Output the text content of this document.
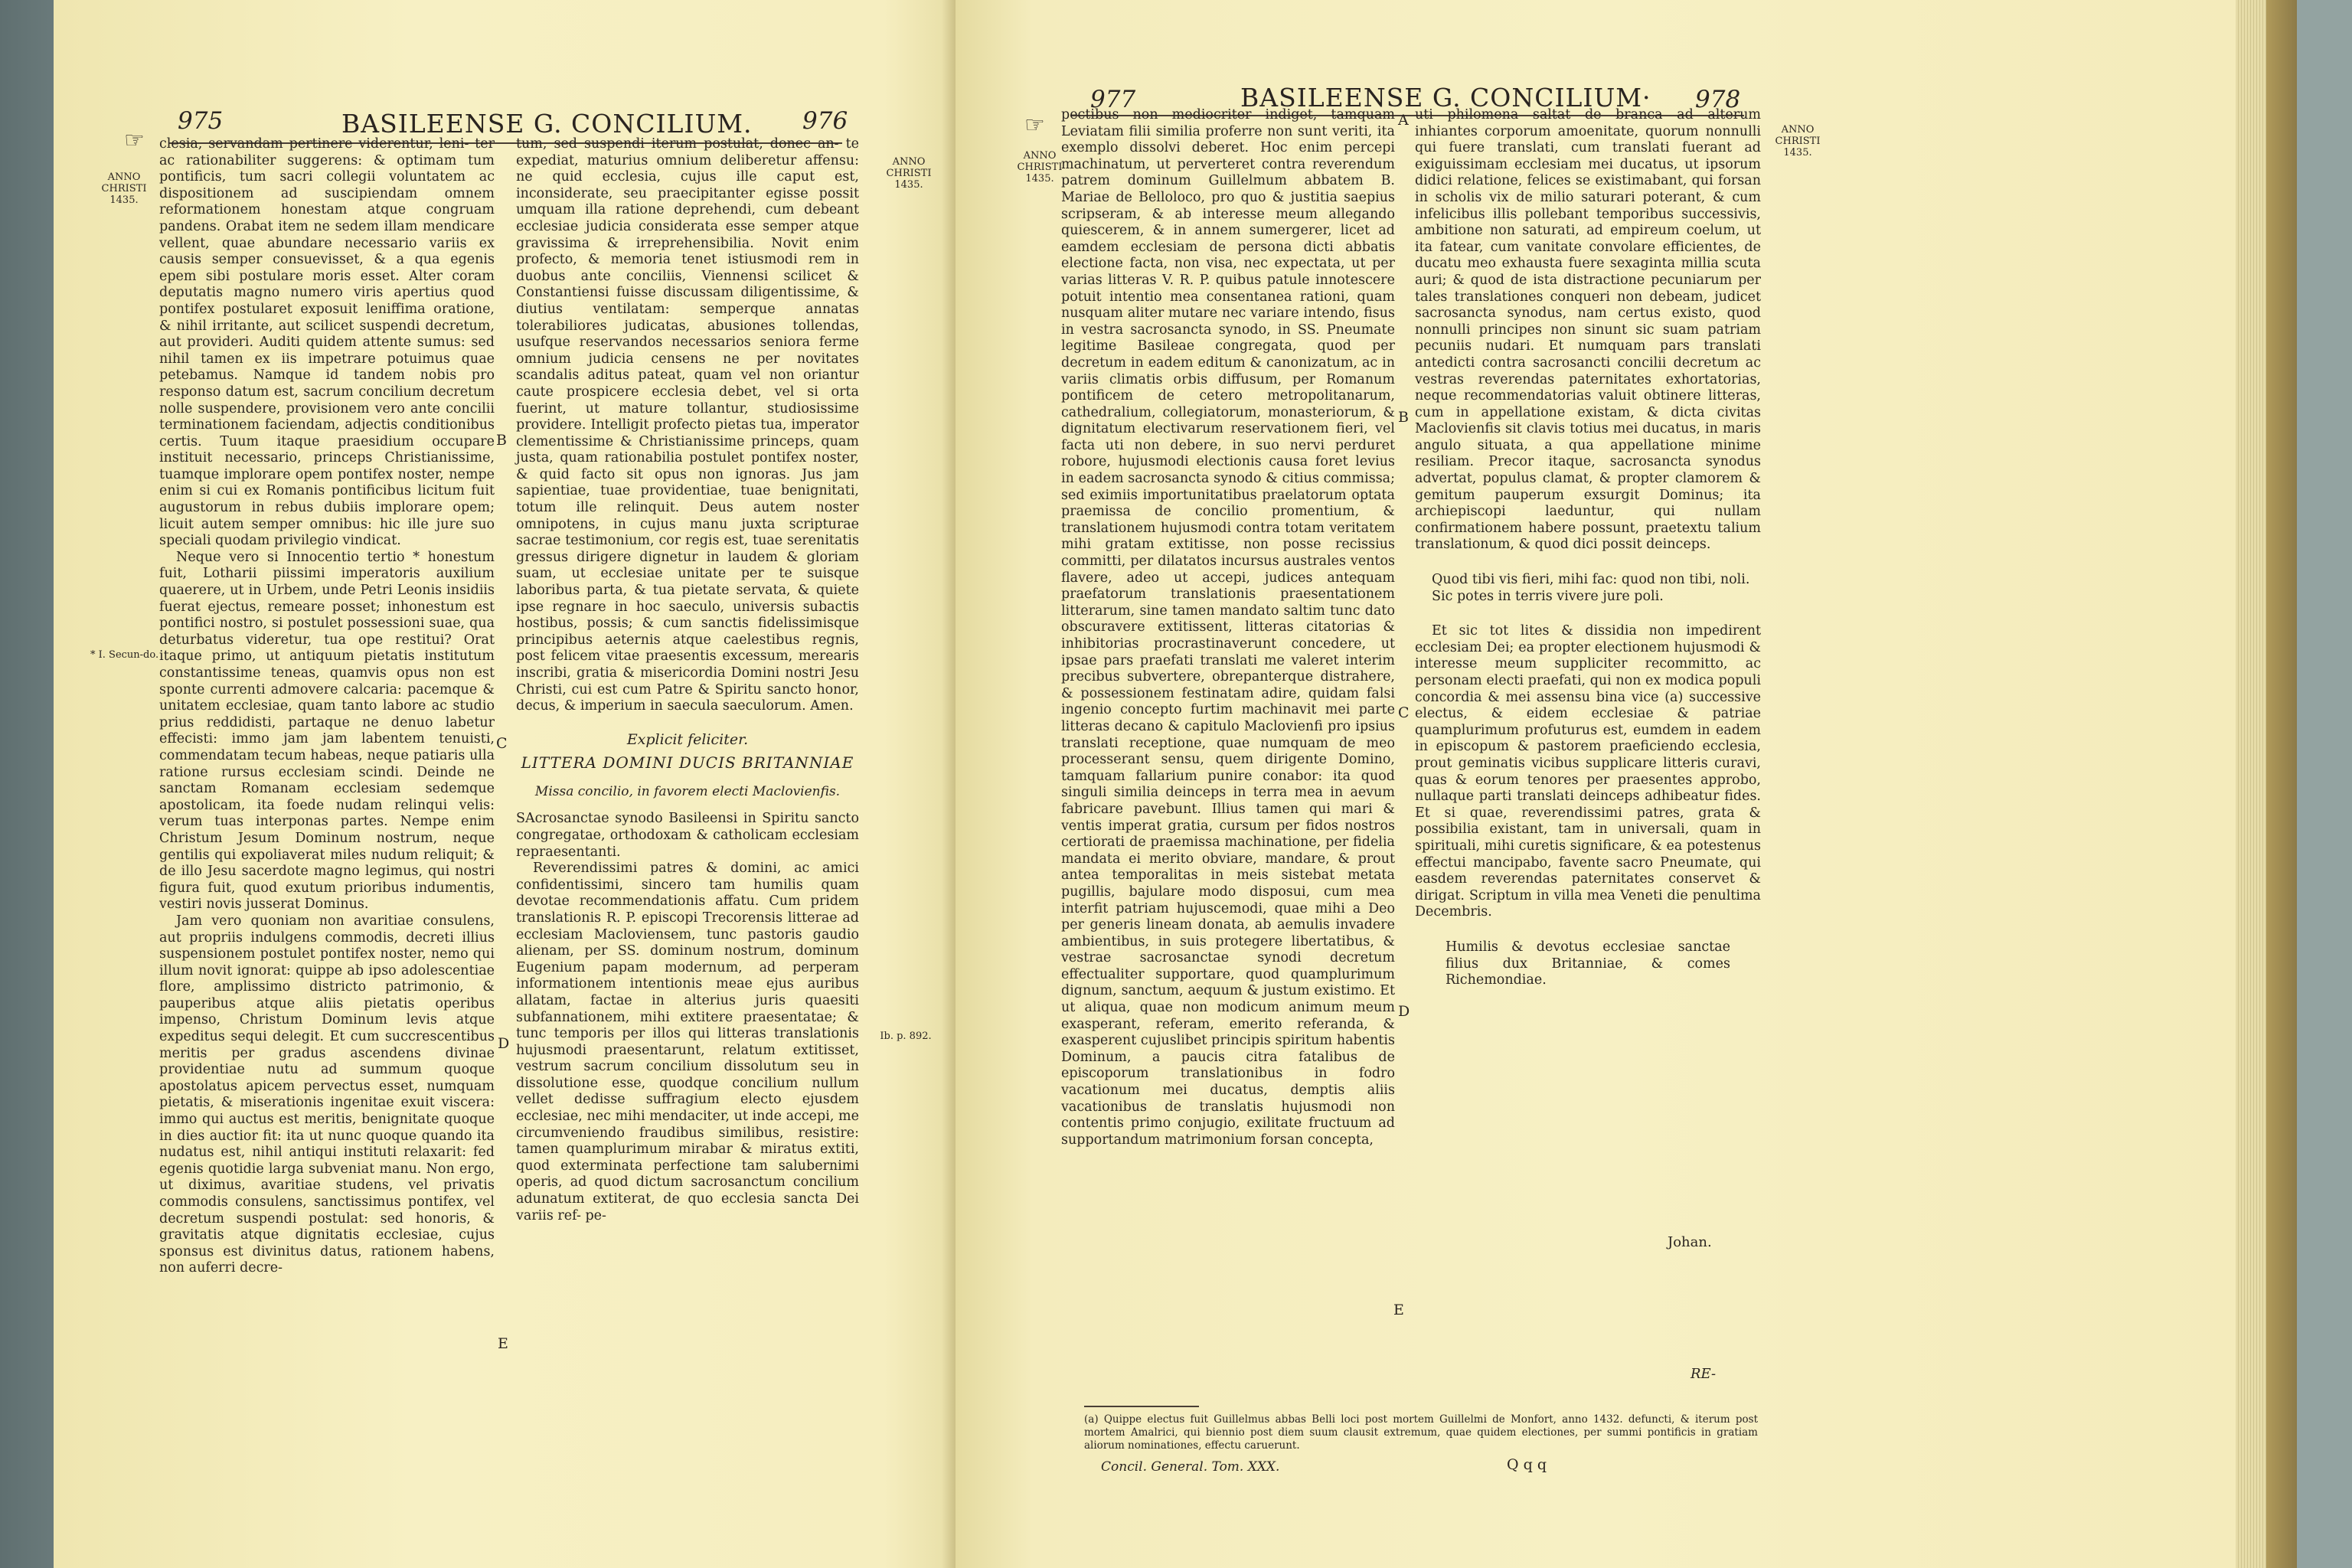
☞
975	BASILEENSE G. CONCILIUM. 976
ANNO CHRISTI 1435.
ANNO CHRISTI 1435.
* I. Secun-do.
Ib. p. 892.
B
C
D
E

clesia, servandam pertinere viderentur, leni- ter ac rationabiliter suggerens: & optimam tum pontificis, tum sacri collegii voluntatem ac dispositionem ad suscipiendam omnem reformationem honestam atque congruam pandens. Orabat item ne sedem illam mendicare vellent, quae abundare necessario variis ex causis semper consuevisset, & a qua egenis epem sibi postulare moris esset. Alter coram deputatis magno numero viris apertius quod pontifex postularet exposuit leniffima oratione, & nihil irritante, aut scilicet suspendi decretum, aut provideri. Auditi quidem attente sumus: sed nihil tamen ex iis impetrare potuimus quae petebamus. Namque id tandem nobis pro responso datum est, sacrum concilium decretum nolle suspendere, provisionem vero ante concilii terminationem faciendam, adjectis conditionibus certis. Tuum itaque praesidium occupare instituit necessario, princeps Christianissime, tuamque implorare opem pontifex noster, nempe enim si cui ex Romanis pontificibus licitum fuit augustorum in rebus dubiis implorare opem; licuit autem semper omnibus: hic ille jure suo speciali quodam privilegio vindicat.

Neque vero si Innocentio tertio * honestum fuit, Lotharii piissimi imperatoris auxilium quaerere, ut in Urbem, unde Petri Leonis insidiis fuerat ejectus, remeare posset; inhonestum est pontifici nostro, si postulet possessioni suae, qua deturbatus videretur, tua ope restitui? Orat itaque primo, ut antiquum pietatis institutum constantissime teneas, quamvis opus non est sponte currenti admovere calcaria: pacemque & unitatem ecclesiae, quam tanto labore ac studio prius reddidisti, partaque ne denuo labetur effecisti: immo jam jam labentem tenuisti, commendatam tecum habeas, neque patiaris ulla ratione rursus ecclesiam scindi. Deinde ne sanctam Romanam ecclesiam sedemque apostolicam, ita foede nudam relinqui velis: verum tuas interponas partes. Nempe enim Christum Jesum Dominum nostrum, neque gentilis qui expoliaverat miles nudum reliquit; & de illo Jesu sacerdote magno legimus, qui nostri figura fuit, quod exutum prioribus indumentis, vestiri novis jusserat Dominus.

Jam vero quoniam non avaritiae consulens, aut propriis indulgens commodis, decreti illius suspensionem postulet pontifex noster, nemo qui illum novit ignorat: quippe ab ipso adolescentiae flore, amplissimo districto patrimonio, & pauperibus atque aliis pietatis operibus impenso, Christum Dominum levis atque expeditus sequi delegit. Et cum succrescentibus meritis per gradus ascendens divinae providentiae nutu ad summum quoque apostolatus apicem pervectus esset, numquam pietatis, & miserationis ingenitae exuit viscera: immo qui auctus est meritis, benignitate quoque in dies auctior fit: ita ut nunc quoque quando ita nudatus est, nihil antiqui instituti relaxarit: fed egenis quotidie larga subveniat manu. Non ergo, ut diximus, avaritiae studens, vel privatis commodis consulens, sanctissimus pontifex, vel decretum suspendi postulat: sed honoris, & gravitatis atque dignitatis ecclesiae, cujus sponsus est divinitus datus, rationem habens, non auferri decre-

tum, sed suspendi iterum postulat, donec an- te expediat, maturius omnium deliberetur affensu: ne quid ecclesia, cujus ille caput est, inconsiderate, seu praecipitanter egisse possit umquam illa ratione deprehendi, cum debeant ecclesiae judicia considerata esse semper atque gravissima & irreprehensibilia. Novit enim profecto, & memoria tenet istiusmodi rem in duobus ante conciliis, Viennensi scilicet & Constantiensi fuisse discussam diligentissime, & diutius ventilatam: semperque annatas tolerabiliores judicatas, abusiones tollendas, usufque reservandos necessarios seniora ferme omnium judicia censens ne per novitates scandalis aditus pateat, quam vel non oriantur caute prospicere ecclesia debet, vel si orta fuerint, ut mature tollantur, studiosissime providere. Intelligit profecto pietas tua, imperator clementissime & Christianissime princeps, quam justa, quam rationabilia postulet pontifex noster, & quid facto sit opus non ignoras. Jus jam sapientiae, tuae providentiae, tuae benignitati, totum ille relinquit. Deus autem noster omnipotens, in cujus manu juxta scripturae sacrae testimonium, cor regis est, tuae serenitatis gressus dirigere dignetur in laudem & gloriam suam, ut ecclesiae unitate per te suisque laboribus parta, & tua pietate servata, & quiete ipse regnare in hoc saeculo, universis subactis hostibus, possis; & cum sanctis fidelissimisque principibus aeternis atque caelestibus regnis, post felicem vitae praesentis excessum, merearis inscribi, gratia & misericordia Domini nostri Jesu Christi, cui est cum Patre & Spiritu sancto honor, decus, & imperium in saecula saeculorum. Amen.

Explicit feliciter.
LITTERA DOMINI DUCIS BRITANNIAE
Missa concilio, in favorem electi Maclovienfis.

SAcrosanctae synodo Basileensi in Spiritu sancto congregatae, orthodoxam & catholicam ecclesiam repraesentanti.

Reverendissimi patres & domini, ac amici confidentissimi, sincero tam humilis quam devotae recommendationis affatu. Cum pridem translationis R. P. episcopi Trecorensis litterae ad ecclesiam Macloviensem, tunc pastoris gaudio alienam, per SS. dominum nostrum, dominum Eugenium papam modernum, ad perperam informationem intentionis meae ejus auribus allatam, factae in alterius juris quaesiti subfannationem, mihi extitere praesentatae; & tunc temporis per illos qui litteras translationis hujusmodi praesentarunt, relatum extitisset, vestrum sacrum concilium dissolutum seu in dissolutione esse, quodque concilium nullum vellet dedisse suffragium electo ejusdem ecclesiae, nec mihi mendaciter, ut inde accepi, me circumveniendo fraudibus similibus, resistire: tamen quamplurimum mirabar & miratus extiti, quod exterminata perfectione tam salubernimi operis, ad quod dictum sacrosanctum concilium adunatum extiterat, de quo ecclesia sancta Dei variis ref- pe-

☞
977	BASILEENSE G. CONCILIUM· 978
ANNO CHRISTI 1435.
ANNO CHRISTI 1435.
A
B
C
D
E

pectibus non mediocriter indiget, tamquam Leviatam filii similia proferre non sunt veriti, ita exemplo dissolvi deberet. Hoc enim percepi machinatum, ut perverteret contra reverendum patrem dominum Guillelmum abbatem B. Mariae de Belloloco, pro quo & justitia saepius scripseram, & ab interesse meum allegando quiescerem, & in annem sumergerer, licet ad eamdem ecclesiam de persona dicti abbatis electione facta, non visa, nec expectata, ut per varias litteras V. R. P. quibus patule innotescere potuit intentio mea consentanea rationi, quam nusquam aliter mutare nec variare intendo, fisus in vestra sacrosancta synodo, in SS. Pneumate legitime Basileae congregata, quod per decretum in eadem editum & canonizatum, ac in variis climatis orbis diffusum, per Romanum pontificem de cetero metropolitanarum, cathedralium, collegiatorum, monasteriorum, & dignitatum electivarum reservationem fieri, vel facta uti non debere, in suo nervi perduret robore, hujusmodi electionis causa foret levius in eadem sacrosancta synodo & citius commissa; sed eximiis importunitatibus praelatorum optata praemissa de concilio promentium, & translationem hujusmodi contra totam veritatem mihi gratam extitisse, non posse recissius committi, per dilatatos incursus australes ventos flavere, adeo ut accepi, judices antequam praefatorum translationis praesentationem litterarum, sine tamen mandato saltim tunc dato obscuravere extitissent, litteras citatorias & inhibitorias procrastinaverunt concedere, ut ipsae pars praefati translati me valeret interim precibus subvertere, obrepanterque distrahere, & possessionem festinatam adire, quidam falsi ingenio concepto furtim machinavit mei parte litteras decano & capitulo Maclovienfi pro ipsius translati receptione, quae numquam de meo processerant sensu, quem dirigente Domino, tamquam fallarium punire conabor: ita quod singuli similia deinceps in terra mea in aevum fabricare pavebunt. Illius tamen qui mari & ventis imperat gratia, cursum per fidos nostros certiorati de praemissa machinatione, per fidelia mandata ei merito obviare, mandare, & prout antea temporalitas in meis sistebat metata pugillis, bajulare modo disposui, cum mea interfit patriam hujuscemodi, quae mihi a Deo per generis lineam donata, ab aemulis invadere ambientibus, in suis protegere libertatibus, & vestrae sacrosanctae synodi decretum effectualiter supportare, quod quamplurimum dignum, sanctum, aequum & justum existimo. Et ut aliqua, quae non modicum animum meum exasperant, referam, emerito referanda, & exasperent cujuslibet principis spiritum habentis Dominum, a paucis citra fatalibus de episcoporum translationibus in fodro vacationum mei ducatus, demptis aliis vacationibus de translatis hujusmodi non contentis primo conjugio, exilitate fructuum ad supportandum matrimonium forsan concepta,

uti philomena saltat de branca ad alterum inhiantes corporum amoenitate, quorum nonnulli qui fuere translati, cum translati fuerant ad exiguissimam ecclesiam mei ducatus, ut ipsorum didici relatione, felices se existimabant, qui forsan in scholis vix de milio saturari poterant, & cum infelicibus illis pollebant temporibus successivis, ambitione non saturati, ad empireum coelum, ut ita fatear, cum vanitate convolare efficientes, de ducatu meo exhausta fuere sexaginta millia scuta auri; & quod de ista distractione pecuniarum per tales translationes conqueri non debeam, judicet sacrosancta synodus, nam certus existo, quod nonnulli principes non sinunt sic suam patriam pecuniis nudari. Et numquam pars translati antedicti contra sacrosancti concilii decretum ac vestras reverendas paternitates exhortatorias, neque recommendatorias valuit obtinere litteras, cum in appellatione existam, & dicta civitas Maclovienfis sit clavis totius mei ducatus, in maris angulo situata, a qua appellatione minime resiliam. Precor itaque, sacrosancta synodus advertat, populus clamat, & propter clamorem & gemitum pauperum exsurgit Dominus; ita archiepiscopi laeduntur, qui nullam confirmationem habere possunt, praetextu talium translationum, & quod dici possit deinceps.

Quod tibi vis fieri, mihi fac: quod non tibi, noli.
Sic potes in terris vivere jure poli.

Et sic tot lites & dissidia non impedirent ecclesiam Dei; ea propter electionem hujusmodi & interesse meum suppliciter recommitto, ac personam electi praefati, qui non ex modica populi concordia & mei assensu bina vice (a) successive electus, & eidem ecclesiae & patriae quamplurimum profuturus est, eumdem in eadem in episcopum & pastorem praeficiendo ecclesia, prout geminatis vicibus supplicare litteris curavi, quas & eorum tenores per praesentes approbo, nullaque parti translati deinceps adhibeatur fides. Et si quae, reverendissimi patres, grata & possibilia existant, tam in universali, quam in spirituali, mihi curetis significare, & ea potestenus effectui mancipabo, favente sacro Pneumate, qui easdem reverendas paternitates conservet & dirigat. Scriptum in villa mea Veneti die penultima Decembris.

Humilis & devotus ecclesiae sanctae filius dux Britanniae, & comes Richemondiae.

Johan.
RE-
(a) Quippe electus fuit Guillelmus abbas Belli loci post mortem Guillelmi de Monfort, anno 1432. defuncti, & iterum post mortem Amalrici, qui biennio post diem suum clausit extremum, quae quidem electiones, per summi pontificis in gratiam aliorum nominationes, effectu caruerunt.
Concil. General. Tom. XXX.	Q q q
